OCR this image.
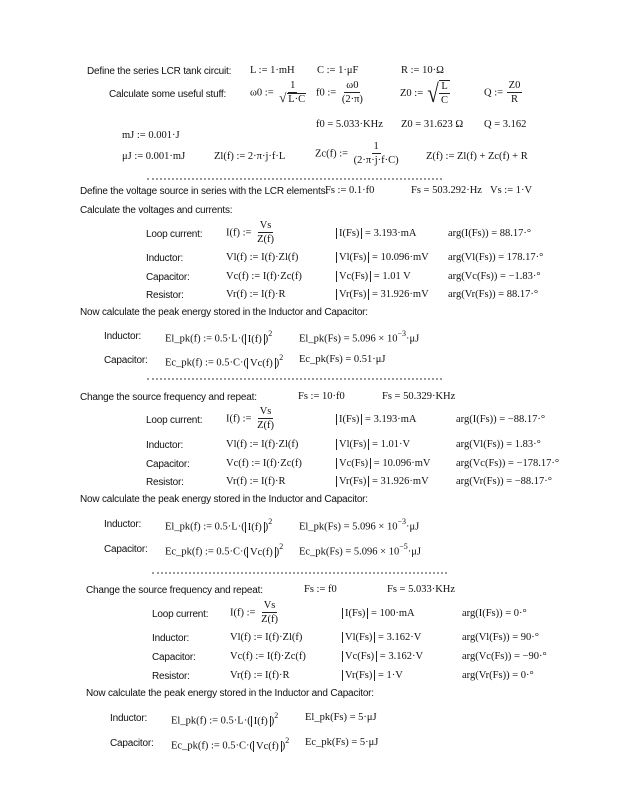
Define the series LCR tank circuit: L := 1·mH C := 1·μF	R := 10·Ω
Calculate some useful stuff: ω0 := $\frac{1}{√ L\cdot C} f0$ := $\frac{\omega 0}{(2\cdot\pi)}$	Z0 := √ $\frac{L}{C}$	Q := $\frac{Z0}{R}$
f0 = 5.033·KHz Z0 = 31.623 Ω Q = 3.162
mJ := 0.001·J
μJ := 0.001·mJ	Zl(f) := 2·π·j·f·L	Zc(f) := $\frac{1}{(2\cdot\pi\cdot j\cdot f\cdot C)} Z(f)$ := Zl(f) + Zc(f) + R
Define the voltage source in series with the LCR elements:
Fs := 0.1·f0	Fs = 503.292·Hz Vs := 1·V
Calculate the voltages and currents:
Loop current: I(f) := $\frac{Vs}{Z(f)}$	I(Fs) = 3.193·mA	arg(I(Fs)) = 88.17·°
Inductor:	Vl(f) := I(f)·Zl(f)	Vl(Fs) = 10.096·mV arg(Vl(Fs)) = 178.17·°
Capacitor:	Vc(f) := I(f)·Zc(f)	Vc(Fs) = 1.01 V	arg(Vc(Fs)) = −1.83·°
Resistor:	Vr(f) := I(f)·R	Vr(Fs) = 31.926·mV arg(Vr(Fs)) = 88.17·°
Now calculate the peak energy stored in the Inductor and Capacitor:
Inductor: El_pk(f) := 0.5·L·( I(f) )$^2$	El_pk(Fs) = $5.096 \times 10^{-3}\cdot\mu J$
Capacitor: Ec_pk(f) := 0.5·C·( Vc(f) )$^2$ Ec_pk(Fs) = 0.51·μJ
Change the source frequency and repeat:	Fs := 10·f0	Fs = 50.329·KHz
Loop current: I(f) := $\frac{Vs}{Z(f)}$	I(Fs) = 3.193·mA	arg(I(Fs)) = −88.17·°
Inductor:	Vl(f) := I(f)·Zl(f)	Vl(Fs) = 1.01·V	arg(Vl(Fs)) = 1.83·°
Capacitor:	Vc(f) := I(f)·Zc(f)	Vc(Fs) = 10.096·mV arg(Vc(Fs)) = −178.17·°
Resistor:	Vr(f) := I(f)·R	Vr(Fs) = 31.926·mV	arg(Vr(Fs)) = −88.17·°
Now calculate the peak energy stored in the Inductor and Capacitor:
Inductor: El_pk(f) := 0.5·L·( I(f) )$^2$	El_pk(Fs) = $5.096 \times 10^{-3}\cdot\mu J$
Capacitor: Ec_pk(f) := 0.5·C·( Vc(f) )$^2$ Ec_pk(Fs) = $5.096 \times 10^{-5}\cdot\mu J$
Change the source frequency and repeat:	Fs := f0	Fs = 5.033·KHz
Loop current: I(f) := $\frac{Vs}{Z(f)}$	I(Fs) = 100·mA	arg(I(Fs)) = 0·°
Inductor:	Vl(f) := I(f)·Zl(f)	Vl(Fs) = 3.162·V	arg(Vl(Fs)) = 90·°
Capacitor:	Vc(f) := I(f)·Zc(f)	Vc(Fs) = 3.162·V	arg(Vc(Fs)) = −90·°
Resistor:	Vr(f) := I(f)·R	Vr(Fs) = 1·V	arg(Vr(Fs)) = 0·°
Now calculate the peak energy stored in the Inductor and Capacitor:
Inductor: El_pk(f) := 0.5·L·( I(f) )$^2$	El_pk(Fs) = 5·μJ
Capacitor: Ec_pk(f) := 0.5·C·( Vc(f) )$^2$ Ec_pk(Fs) = 5·μJ
